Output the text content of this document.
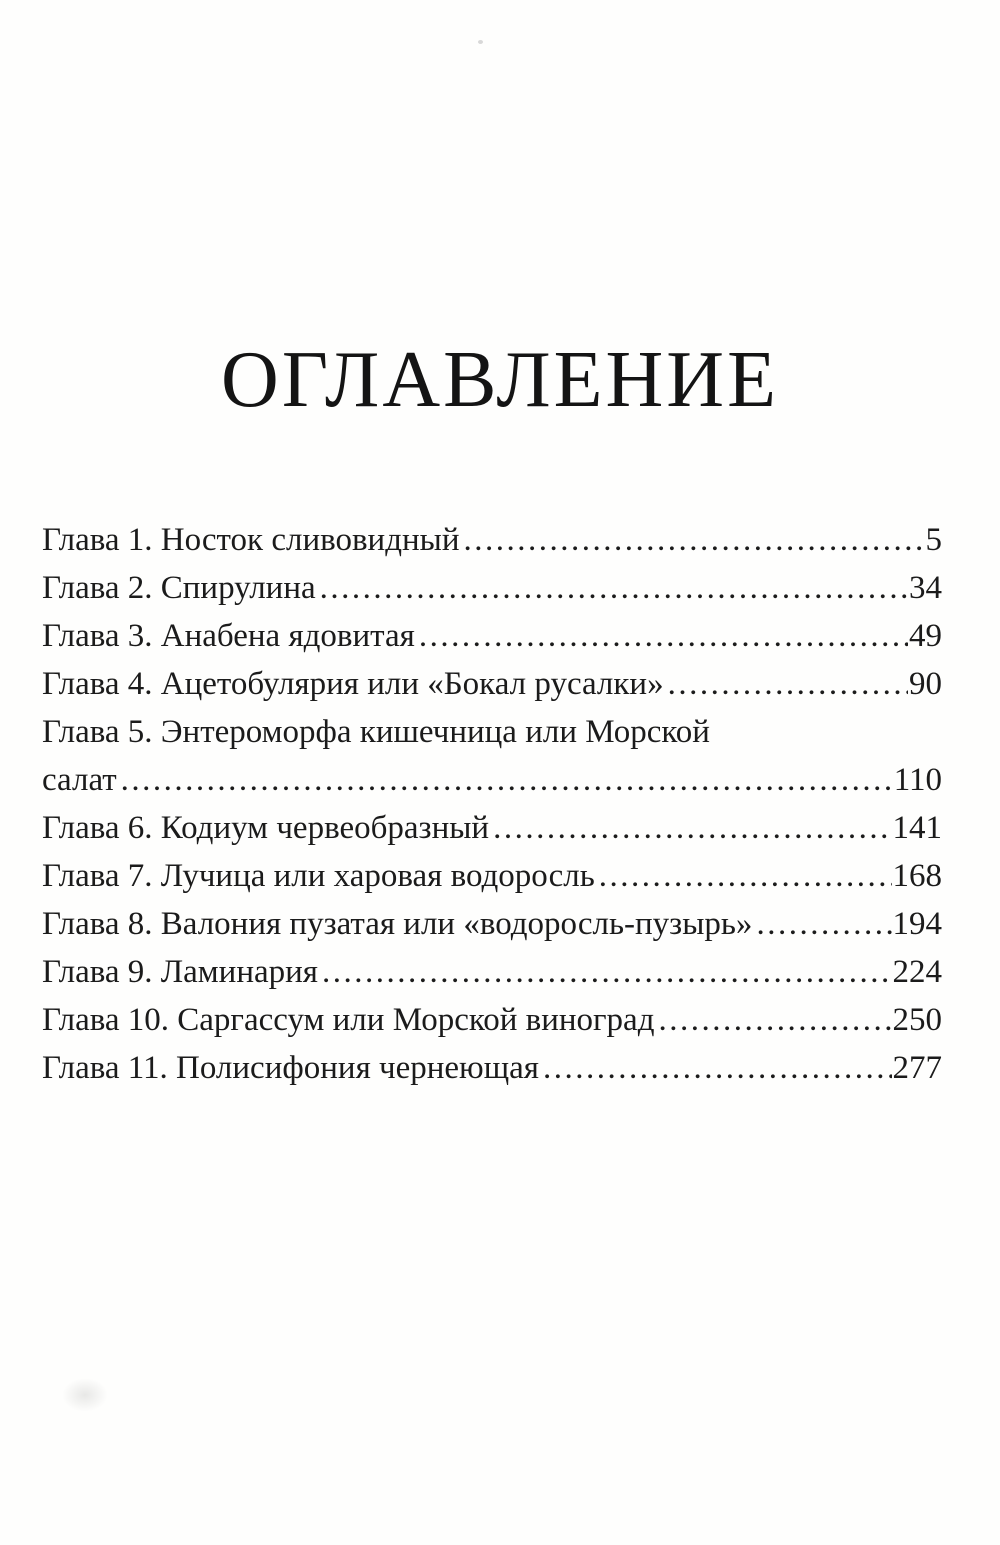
ОГЛАВЛЕНИЕ
Глава 1. Носток сливовидный .....	5
Глава 2. Спирулина .....	34
Глава 3. Анабена ядовитая .....	49
Глава 4. Ацетобулярия или «Бокал русалки» .....	90
Глава 5. Энтероморфа кишечница или Морской
салат .....	110
Глава 6. Кодиум червеобразный .....	141
Глава 7. Лучица или харовая водоросль .....	168
Глава 8. Валония пузатая или «водоросль-пузырь» .....	194
Глава 9. Ламинария .....	224
Глава 10. Саргассум или Морской виноград .....	250
Глава 11. Полисифония чернеющая .....	277
